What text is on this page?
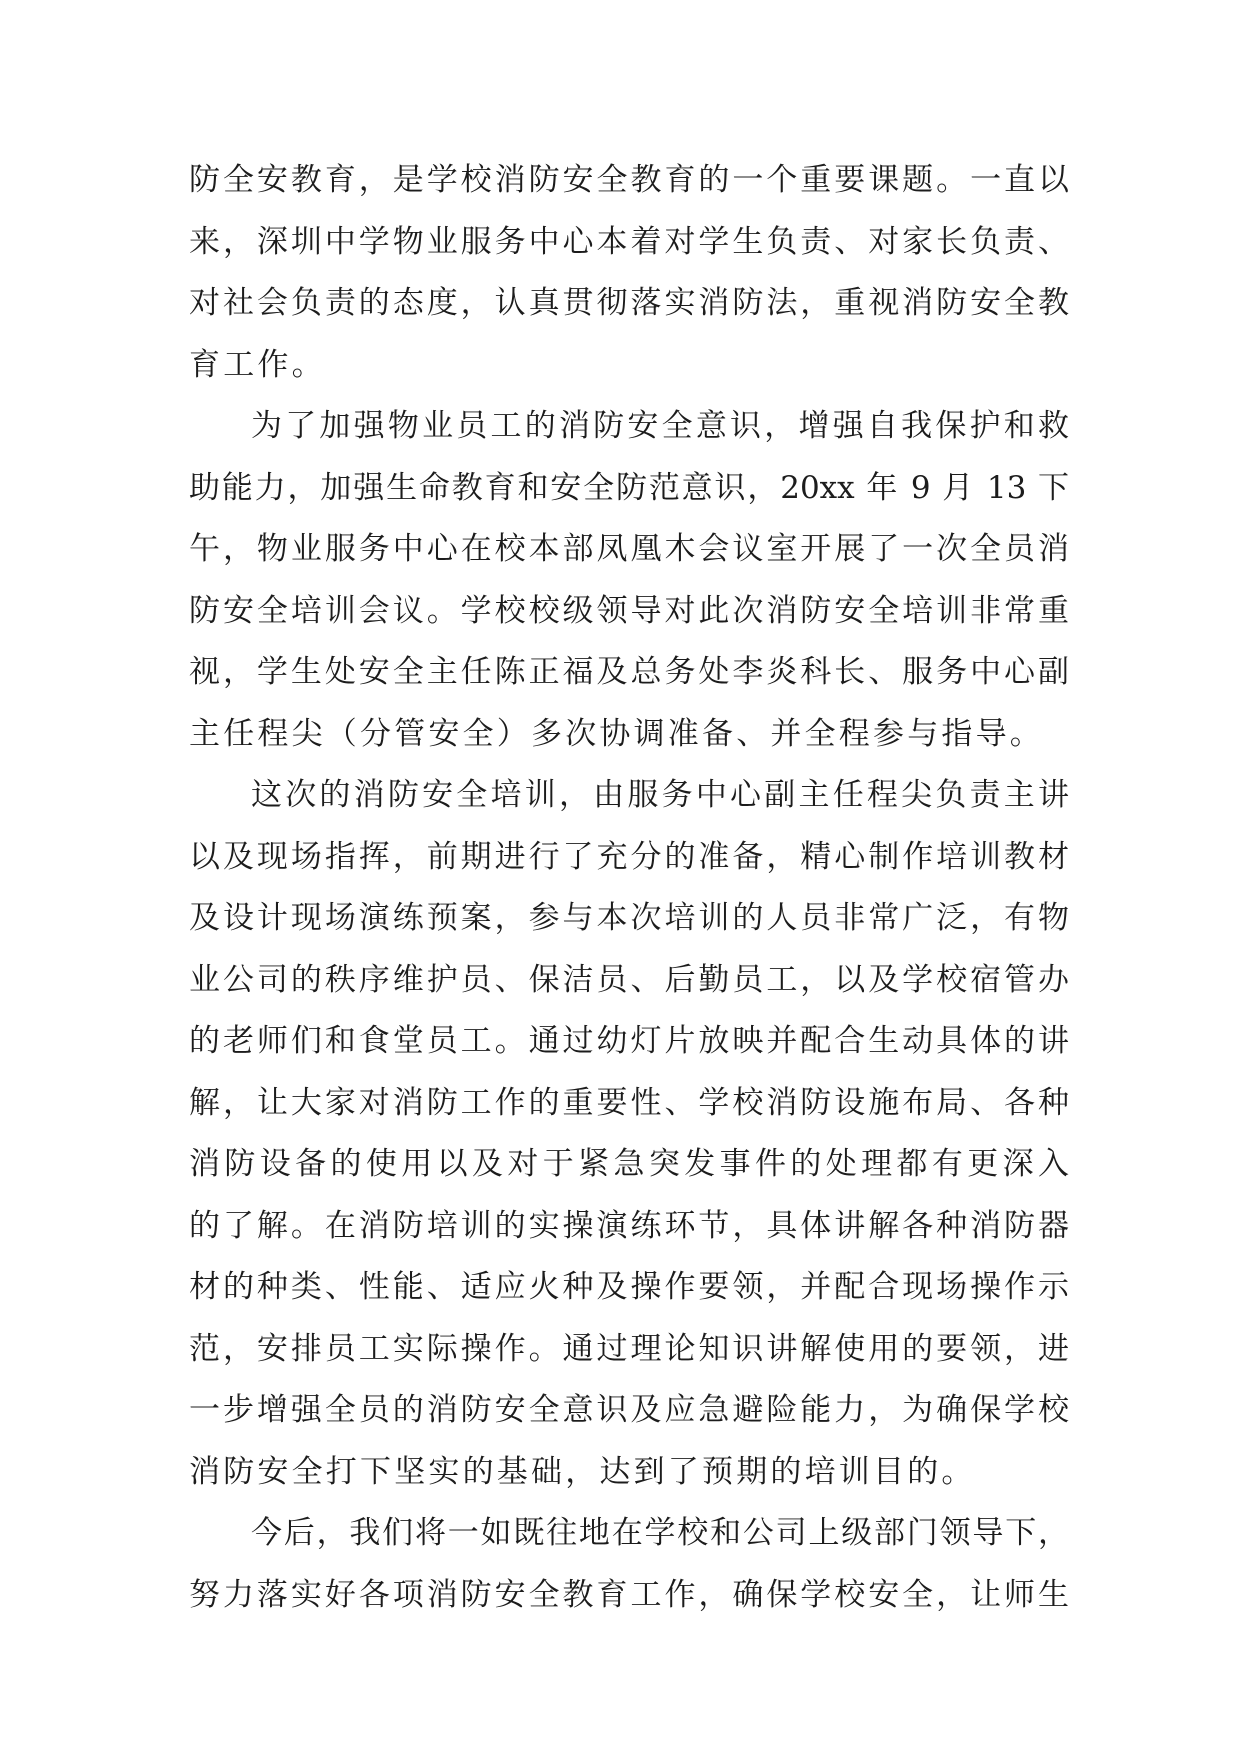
防全安教育，是学校消防安全教育的一个重要课题。一直以
来，深圳中学物业服务中心本着对学生负责、对家长负责、
对社会负责的态度，认真贯彻落实消防法，重视消防安全教
育工作。
为了加强物业员工的消防安全意识，增强自我保护和救
助能力，加强生命教育和安全防范意识，20xx 年 9 月 13 下
午，物业服务中心在校本部凤凰木会议室开展了一次全员消
防安全培训会议。学校校级领导对此次消防安全培训非常重
视，学生处安全主任陈正福及总务处李炎科长、服务中心副
主任程尖（分管安全）多次协调准备、并全程参与指导。
这次的消防安全培训，由服务中心副主任程尖负责主讲
以及现场指挥，前期进行了充分的准备，精心制作培训教材
及设计现场演练预案，参与本次培训的人员非常广泛，有物
业公司的秩序维护员、保洁员、后勤员工，以及学校宿管办
的老师们和食堂员工。通过幼灯片放映并配合生动具体的讲
解，让大家对消防工作的重要性、学校消防设施布局、各种
消防设备的使用以及对于紧急突发事件的处理都有更深入
的了解。在消防培训的实操演练环节，具体讲解各种消防器
材的种类、性能、适应火种及操作要领，并配合现场操作示
范，安排员工实际操作。通过理论知识讲解使用的要领，进
一步增强全员的消防安全意识及应急避险能力，为确保学校
消防安全打下坚实的基础，达到了预期的培训目的。
今后，我们将一如既往地在学校和公司上级部门领导下，
努力落实好各项消防安全教育工作，确保学校安全，让师生
